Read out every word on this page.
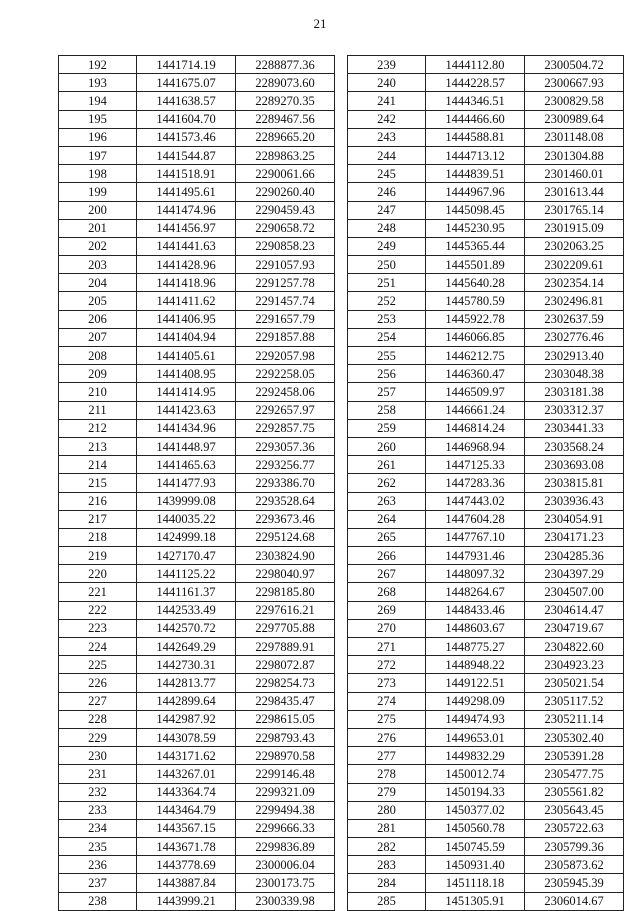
21
192	1441714.19	2288877.36
193	1441675.07	2289073.60
194	1441638.57	2289270.35
195	1441604.70	2289467.56
196	1441573.46	2289665.20
197	1441544.87	2289863.25
198	1441518.91	2290061.66
199	1441495.61	2290260.40
200	1441474.96	2290459.43
201	1441456.97	2290658.72
202	1441441.63	2290858.23
203	1441428.96	2291057.93
204	1441418.96	2291257.78
205	1441411.62	2291457.74
206	1441406.95	2291657.79
207	1441404.94	2291857.88
208	1441405.61	2292057.98
209	1441408.95	2292258.05
210	1441414.95	2292458.06
211	1441423.63	2292657.97
212	1441434.96	2292857.75
213	1441448.97	2293057.36
214	1441465.63	2293256.77
215	1441477.93	2293386.70
216	1439999.08	2293528.64
217	1440035.22	2293673.46
218	1424999.18	2295124.68
219	1427170.47	2303824.90
220	1441125.22	2298040.97
221	1441161.37	2298185.80
222	1442533.49	2297616.21
223	1442570.72	2297705.88
224	1442649.29	2297889.91
225	1442730.31	2298072.87
226	1442813.77	2298254.73
227	1442899.64	2298435.47
228	1442987.92	2298615.05
229	1443078.59	2298793.43
230	1443171.62	2298970.58
231	1443267.01	2299146.48
232	1443364.74	2299321.09
233	1443464.79	2299494.38
234	1443567.15	2299666.33
235	1443671.78	2299836.89
236	1443778.69	2300006.04
237	1443887.84	2300173.75
238	1443999.21	2300339.98
239	1444112.80	2300504.72
240	1444228.57	2300667.93
241	1444346.51	2300829.58
242	1444466.60	2300989.64
243	1444588.81	2301148.08
244	1444713.12	2301304.88
245	1444839.51	2301460.01
246	1444967.96	2301613.44
247	1445098.45	2301765.14
248	1445230.95	2301915.09
249	1445365.44	2302063.25
250	1445501.89	2302209.61
251	1445640.28	2302354.14
252	1445780.59	2302496.81
253	1445922.78	2302637.59
254	1446066.85	2302776.46
255	1446212.75	2302913.40
256	1446360.47	2303048.38
257	1446509.97	2303181.38
258	1446661.24	2303312.37
259	1446814.24	2303441.33
260	1446968.94	2303568.24
261	1447125.33	2303693.08
262	1447283.36	2303815.81
263	1447443.02	2303936.43
264	1447604.28	2304054.91
265	1447767.10	2304171.23
266	1447931.46	2304285.36
267	1448097.32	2304397.29
268	1448264.67	2304507.00
269	1448433.46	2304614.47
270	1448603.67	2304719.67
271	1448775.27	2304822.60
272	1448948.22	2304923.23
273	1449122.51	2305021.54
274	1449298.09	2305117.52
275	1449474.93	2305211.14
276	1449653.01	2305302.40
277	1449832.29	2305391.28
278	1450012.74	2305477.75
279	1450194.33	2305561.82
280	1450377.02	2305643.45
281	1450560.78	2305722.63
282	1450745.59	2305799.36
283	1450931.40	2305873.62
284	1451118.18	2305945.39
285	1451305.91	2306014.67
